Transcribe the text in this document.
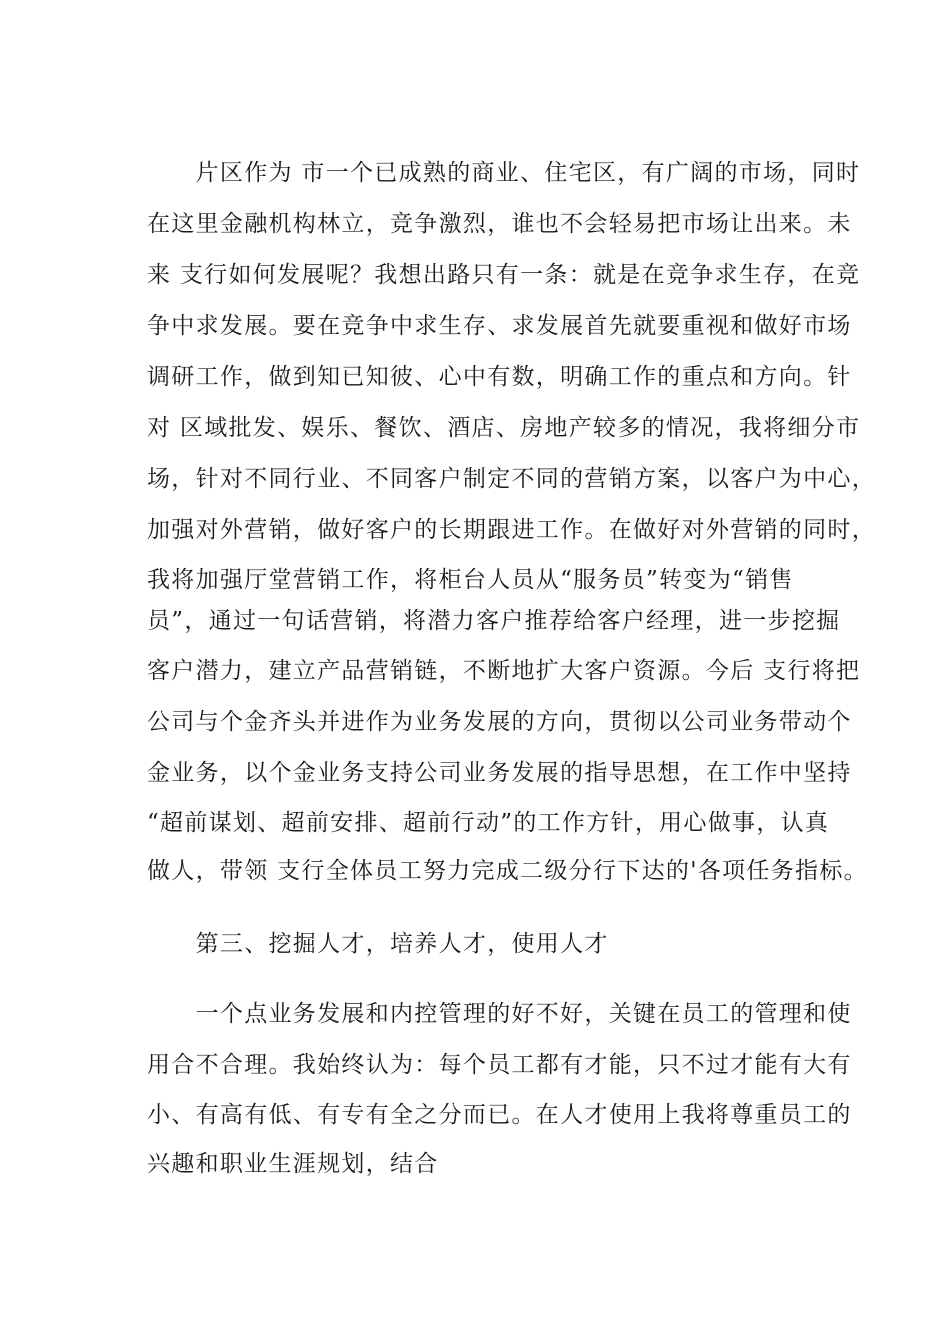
　　片区作为 市一个已成熟的商业、住宅区，有广阔的市场，同时
在这里金融机构林立，竞争激烈，谁也不会轻易把市场让出来。未
来 支行如何发展呢？我想出路只有一条：就是在竞争求生存，在竞
争中求发展。要在竞争中求生存、求发展首先就要重视和做好市场
调研工作，做到知已知彼、心中有数，明确工作的重点和方向。针
对 区域批发、娱乐、餐饮、酒店、房地产较多的情况，我将细分市
场，针对不同行业、不同客户制定不同的营销方案，以客户为中心，
加强对外营销，做好客户的长期跟进工作。在做好对外营销的同时，
我将加强厅堂营销工作，将柜台人员从“服务员”转变为“销售
员”，通过一句话营销，将潜力客户推荐给客户经理，进一步挖掘
客户潜力，建立产品营销链，不断地扩大客户资源。今后 支行将把
公司与个金齐头并进作为业务发展的方向，贯彻以公司业务带动个
金业务，以个金业务支持公司业务发展的指导思想，在工作中坚持
“超前谋划、超前安排、超前行动”的工作方针，用心做事，认真
做人，带领 支行全体员工努力完成二级分行下达的'各项任务指标。
　　第三、挖掘人才，培养人才，使用人才
　　一个点业务发展和内控管理的好不好，关键在员工的管理和使
用合不合理。我始终认为：每个员工都有才能，只不过才能有大有
小、有高有低、有专有全之分而已。在人才使用上我将尊重员工的
兴趣和职业生涯规划，结合
